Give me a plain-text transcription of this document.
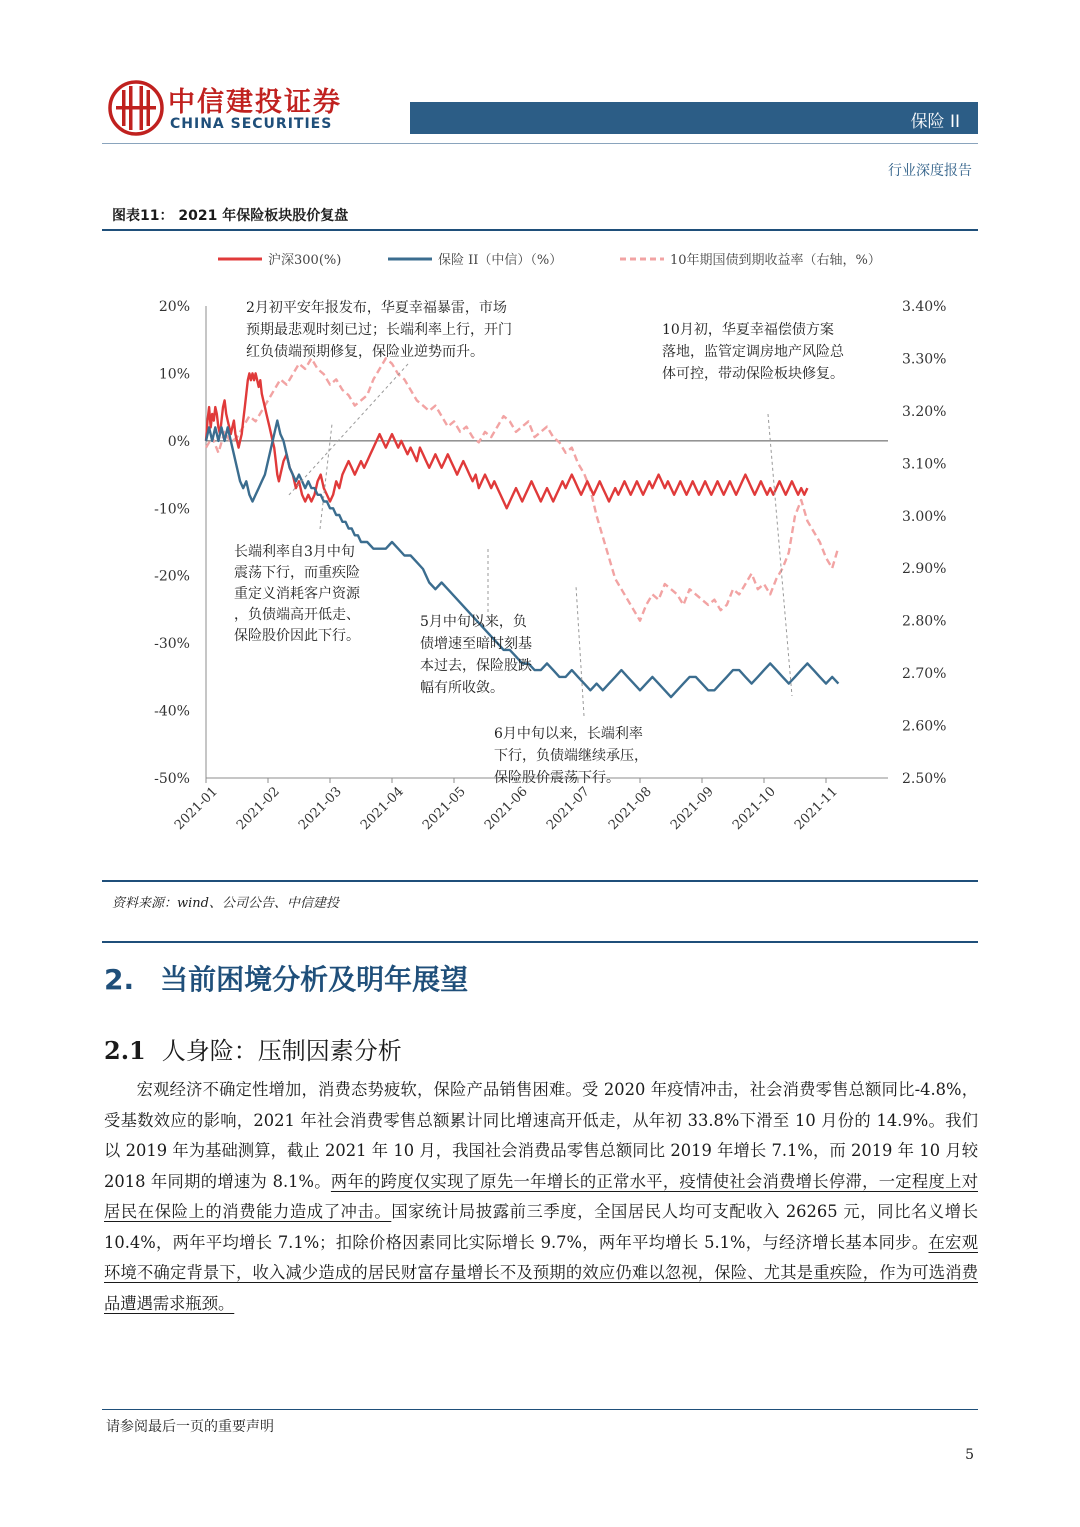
中信建投证券
CHINA SECURITIES	保险 II
行业深度报告
图表11： 2021 年保险板块股价复盘
沪深300(%)	保险 II（中信）（%）	10年期国债到期收益率（右轴，%）
20%
10%
0%
-10%
-20%
-30%
-40%
-50%
3.40%
3.30%
3.20%
3.10%
3.00%
2.90%
2.80%
2.70%
2.60%
2.50%
2021-01 2021-02 2021-03 2021-04 2021-05 2021-06 2021-07 2021-08 2021-09 2021-10 2021-11
2月初平安年报发布，华夏幸福暴雷，市场预期最悲观时刻已过；长端利率上行，开门红负债端预期修复，保险业逆势而升。
10月初，华夏幸福偿债方案落地，监管定调房地产风险总体可控，带动保险板块修复。
长端利率自3月中旬震荡下行，而重疾险重定义消耗客户资源，负债端高开低走、保险股价因此下行。
5月中旬以来，负债增速至暗时刻基本过去，保险股跌幅有所收敛。
6月中旬以来，长端利率下行，负债端继续承压，保险股价震荡下行。
资料来源：wind、公司公告、中信建投
2. 当前困境分析及明年展望
2.1 人身险：压制因素分析

宏观经济不确定性增加，消费态势疲软，保险产品销售困难。受 2020 年疫情冲击，社会消费零售总额同比-4.8%，受基数效应的影响，2021 年社会消费零售总额累计同比增速高开低走，从年初 33.8%下滑至 10 月份的 14.9%。我们以 2019 年为基础测算，截止 2021 年 10 月，我国社会消费品零售总额同比 2019 年增长 7.1%，而 2019 年 10 月较 2018 年同期的增速为 8.1%。两年的跨度仅实现了原先一年增长的正常水平，疫情使社会消费增长停滞，一定程度上对居民在保险上的消费能力造成了冲击。国家统计局披露前三季度，全国居民人均可支配收入 26265 元，同比名义增长 10.4%，两年平均增长 7.1%；扣除价格因素同比实际增长 9.7%，两年平均增长 5.1%，与经济增长基本同步。在宏观环境不确定背景下，收入减少造成的居民财富存量增长不及预期的效应仍难以忽视，保险、尤其是重疾险，作为可选消费品遭遇需求瓶颈。

请参阅最后一页的重要声明
5
